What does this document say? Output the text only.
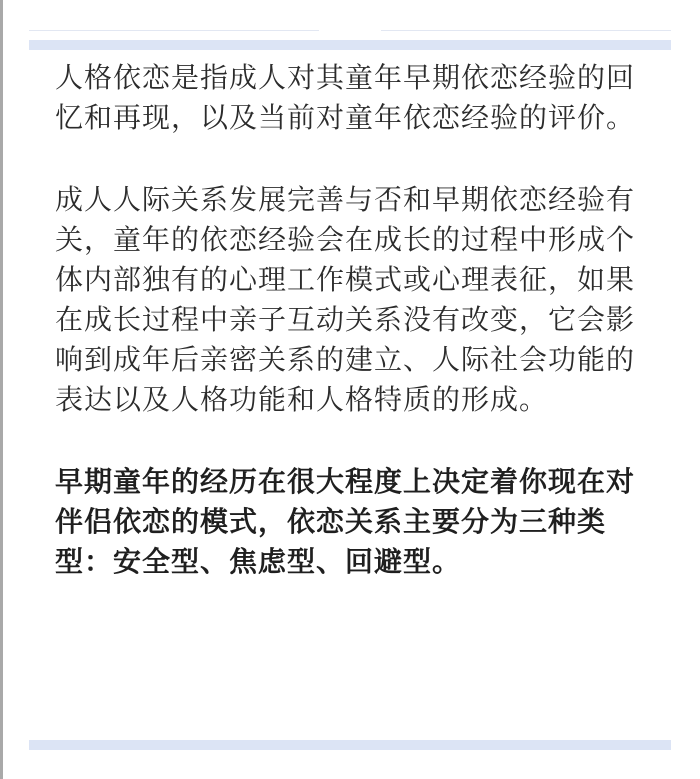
人格依恋是指成人对其童年早期依恋经验的回忆和再现，以及当前对童年依恋经验的评价。

成人人际关系发展完善与否和早期依恋经验有关，童年的依恋经验会在成长的过程中形成个体内部独有的心理工作模式或心理表征，如果在成长过程中亲子互动关系没有改变，它会影响到成年后亲密关系的建立、人际社会功能的表达以及人格功能和人格特质的形成。

早期童年的经历在很大程度上决定着你现在对伴侣依恋的模式，依恋关系主要分为三种类型：安全型、焦虑型、回避型。
